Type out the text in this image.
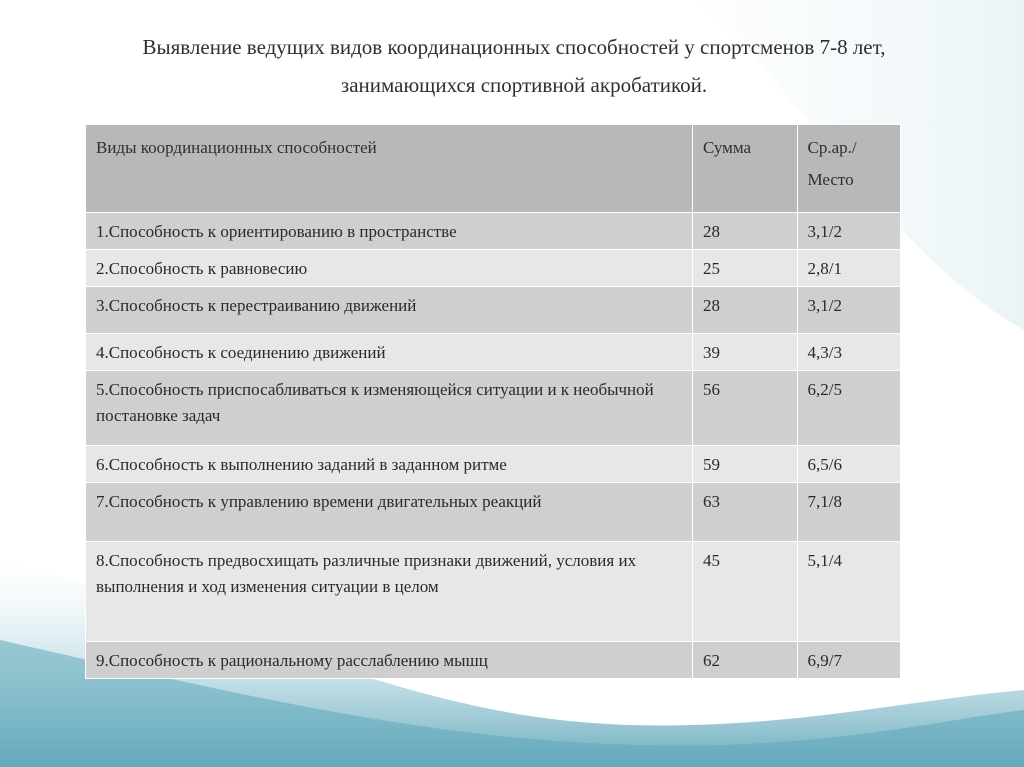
Выявление ведущих видов координационных способностей у спортсменов 7-8 лет,
занимающихся спортивной акробатикой.
Виды координационных способностей	Сумма	Ср.ар./
Место
1.Способность к ориентированию в пространстве	28	3,1/2
2.Способность к равновесию	25	2,8/1
3.Способность к перестраиванию движений	28	3,1/2
4.Способность к соединению движений	39	4,3/3
5.Способность приспосабливаться к изменяющейся ситуации и к необычной постановке задач	56	6,2/5
6.Способность к выполнению заданий в заданном ритме	59	6,5/6
7.Способность к управлению времени двигательных реакций	63	7,1/8
8.Способность предвосхищать различные признаки движений, условия их выполнения и ход изменения ситуации в целом	45	5,1/4
9.Способность к рациональному расслаблению мышц	62	6,9/7
